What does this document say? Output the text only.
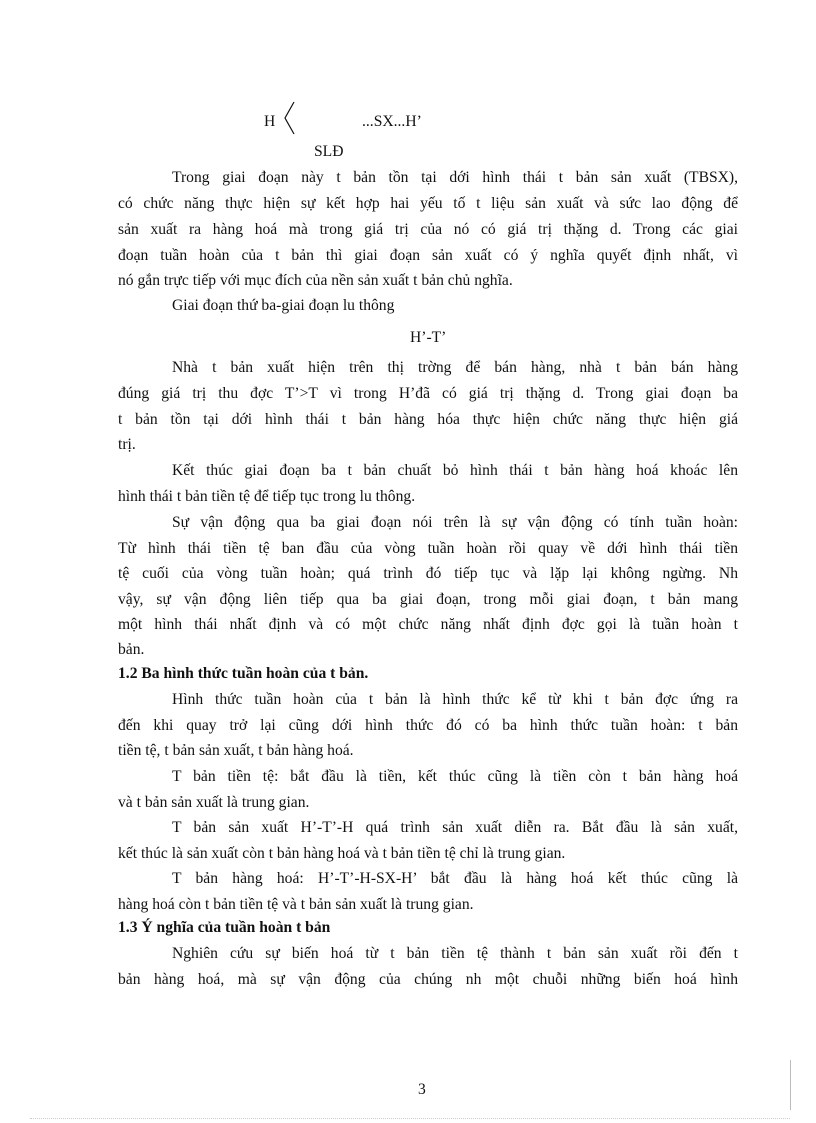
H	...SX...H’
SLĐ
Trong giai đoạn này t bản tồn tại dới hình thái t bản sản xuất (TBSX),
có chức năng thực hiện sự kết hợp hai yếu tố t liệu sản xuất và sức lao động để
sản xuất ra hàng hoá mà trong giá trị của nó có giá trị thặng d. Trong các giai
đoạn tuần hoàn của t bản thì giai đoạn sản xuất có ý nghĩa quyết định nhất, vì
nó gắn trực tiếp với mục đích của nền sản xuất t bản chủ nghĩa.
Giai đoạn thứ ba-giai đoạn lu thông
H’-T’
Nhà t bản xuất hiện trên thị trờng để bán hàng, nhà t bản bán hàng
đúng giá trị thu đợc T’>T vì trong H’đã có giá trị thặng d. Trong giai đoạn ba
t bản tồn tại dới hình thái t bản hàng hóa thực hiện chức năng thực hiện giá
trị.
Kết thúc giai đoạn ba t bản chuất bỏ hình thái t bản hàng hoá khoác lên
hình thái t bản tiền tệ để tiếp tục trong lu thông.
Sự vận động qua ba giai đoạn nói trên là sự vận động có tính tuần hoàn:
Từ hình thái tiền tệ ban đầu của vòng tuần hoàn rồi quay về dới hình thái tiền
tệ cuối của vòng tuần hoàn; quá trình đó tiếp tục và lặp lại không ngừng. Nh
vậy, sự vận động liên tiếp qua ba giai đoạn, trong mỗi giai đoạn, t bản mang
một hình thái nhất định và có một chức năng nhất định đợc gọi là tuần hoàn t
bản.
1.2 Ba hình thức tuần hoàn của t bản.
Hình thức tuần hoàn của t bản là hình thức kể từ khi t bản đợc ứng ra
đến khi quay trở lại cũng dới hình thức đó có ba hình thức tuần hoàn: t bản
tiền tệ, t bản sản xuất, t bản hàng hoá.
T bản tiền tệ: bắt đầu là tiền, kết thúc cũng là tiền còn t bản hàng hoá
và t bản sản xuất là trung gian.
T bản sản xuất H’-T’-H quá trình sản xuất diễn ra. Bắt đầu là sản xuất,
kết thúc là sản xuất còn t bản hàng hoá và t bản tiền tệ chỉ là trung gian.
T bản hàng hoá: H’-T’-H-SX-H’ bắt đầu là hàng hoá kết thúc cũng là
hàng hoá còn t bản tiền tệ và t bản sản xuất là trung gian.
1.3 Ý nghĩa của tuần hoàn t bản
Nghiên cứu sự biến hoá từ t bản tiền tệ thành t bản sản xuất rồi đến t
bản hàng hoá, mà sự vận động của chúng nh một chuỗi những biến hoá hình
3
